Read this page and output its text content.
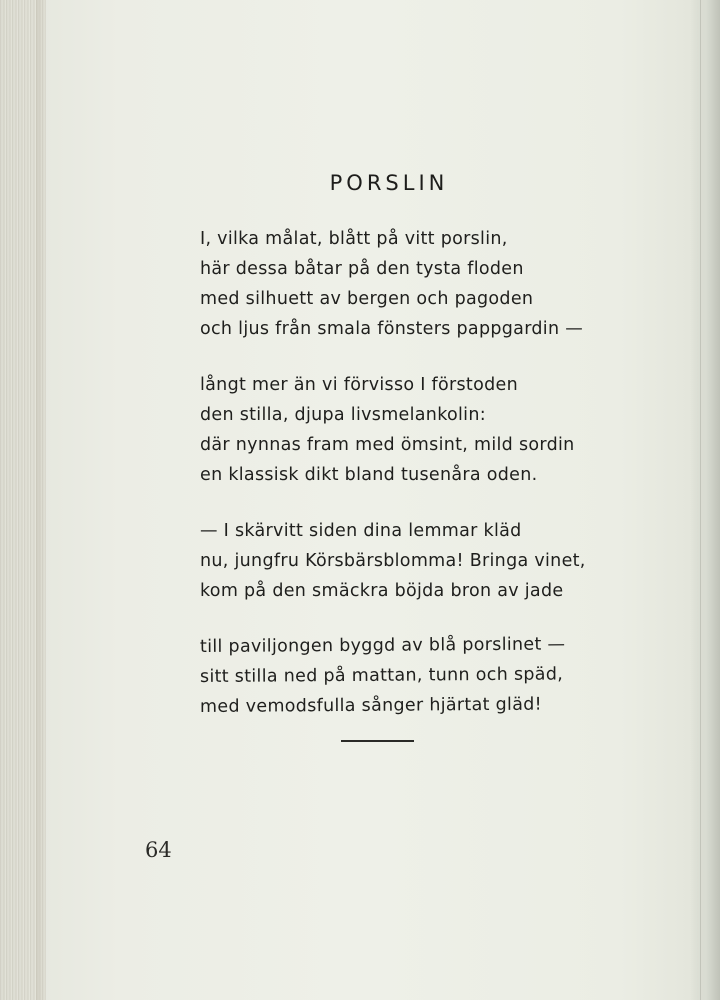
PORSLIN
I, vilka målat, blått på vitt porslin,
här dessa båtar på den tysta floden
med silhuett av bergen och pagoden
och ljus från smala fönsters pappgardin —
långt mer än vi förvisso I förstoden
den stilla, djupa livsmelankolin:
där nynnas fram med ömsint, mild sordin
en klassisk dikt bland tusenåra oden.
— I skärvitt siden dina lemmar kläd
nu, jungfru Körsbärsblomma! Bringa vinet,
kom på den smäckra böjda bron av jade
till paviljongen byggd av blå porslinet —
sitt stilla ned på mattan, tunn och späd,
med vemodsfulla sånger hjärtat gläd!
64
